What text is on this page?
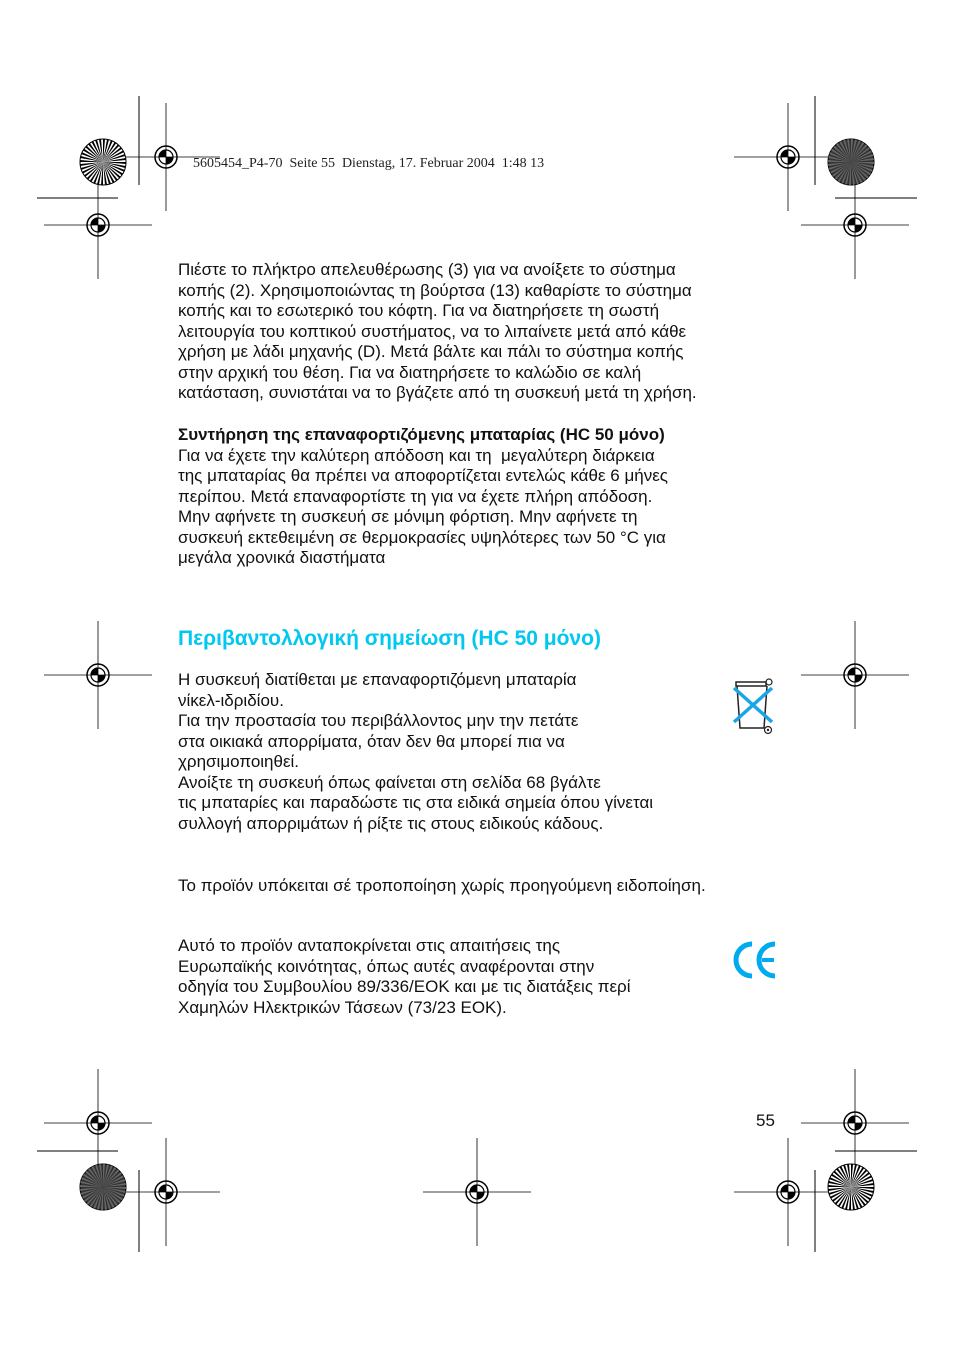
5605454_P4-70  Seite 55  Dienstag, 17. Februar 2004  1:48 13
Πιέστε το πλήκτρο απελευθέρωσης (3) για να ανοίξετε το σύστημα
κοπής (2). Χρησιμοποιώντας τη βούρτσα (13) καθαρίστε το σύστημα
κοπής και το εσωτερικό του κόφτη. Για να διατηρήσετε τη σωστή
λειτουργία του κοπτικού συστήματος, να το λιπαίνετε μετά από κάθε
χρήση με λάδι μηχανής (D). Μετά βάλτε και πάλι το σύστημα κοπής
στην αρχική του θέση. Για να διατηρήσετε το καλώδιο σε καλή
κατάσταση, συνιστάται να το βγάζετε από τη συσκευή μετά τη χρήση.
Συντήρηση της επαναφορτιζόμενης μπαταρίας (HC 50 μόνο)
Για να έχετε την καλύτερη απόδοση και τη  μεγαλύτερη διάρκεια
της μπαταρίας θα πρέπει να αποφορτίζεται εντελώς κάθε 6 μήνες
περίπου. Μετά επαναφορτίστε τη για να έχετε πλήρη απόδοση.
Μην αφήνετε τη συσκευή σε μόνιμη φόρτιση. Μην αφήνετε τη
συσκευή εκτεθειμένη σε θερμοκρασίες υψηλότερες των 50 °C για
μεγάλα χρονικά διαστήματα
Περιβαντολλογική σημείωση (HC 50 μόνο)
Η συσκευή διατίθεται με επαναφορτιζόμενη μπαταρία
νίκελ-ιδριδίου.
Για την προστασία του περιβάλλοντος μην την πετάτε
στα οικιακά απορρίματα, όταν δεν θα μπορεί πια να
χρησιμοποιηθεί.
Ανοίξτε τη συσκευή όπως φαίνεται στη σελίδα 68 βγάλτε
τις μπαταρίες και παραδώστε τις στα ειδικά σημεία όπου γίνεται
συλλογή απορριμάτων ή ρίξτε τις στους ειδικούς κάδους.
Το προϊόν υπόκειται σέ τροποποίηση χωρίς προηγούμενη ειδοποίηση.
Αυτό το προϊόν ανταποκρίνεται στις απαιτήσεις της
Ευρωπαϊκής κοινότητας, όπως αυτές αναφέρονται στην
οδηγία του Συμβουλίου 89/336/ΕΟΚ και με τις διατάξεις περί
Χαμηλών Ηλεκτρικών Τάσεων (73/23 ΕΟΚ).
55
